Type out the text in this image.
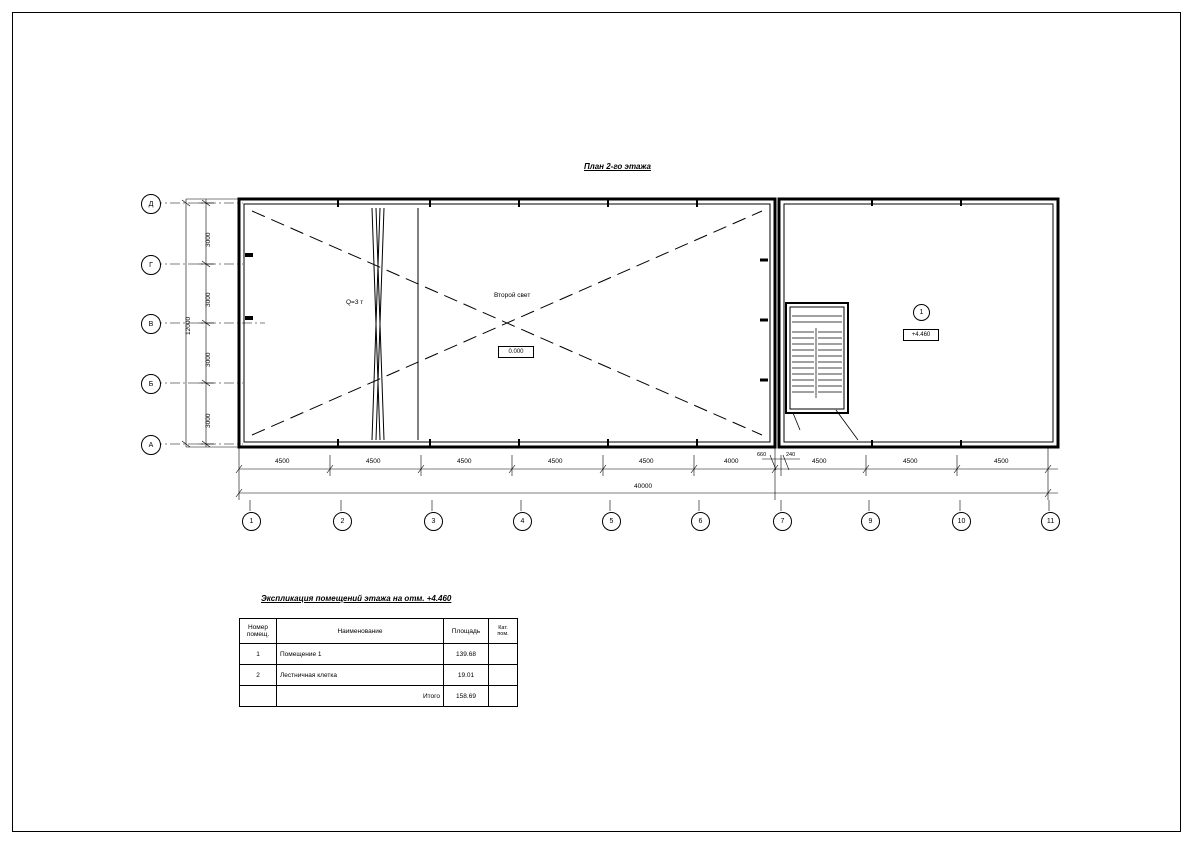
План 2-го этажа
Д
Г
В
Б
А
1	2	3	4	5	6	7	9	10	11
3000
3000
3000
3000
12000
4500	4500	4500	4500	4500	4000	4500	4500	4500
40000
660	240
Q=3 т
Второй свет
0.000
+4.460
1
Экспликация помещений этажа на отм. +4.460
Номер помещ.	Наименование	Площадь	Кат. пом.
1	Помещение 1	139.68	
2	Лестничная клетка	19.01	
	Итого	158.69	
